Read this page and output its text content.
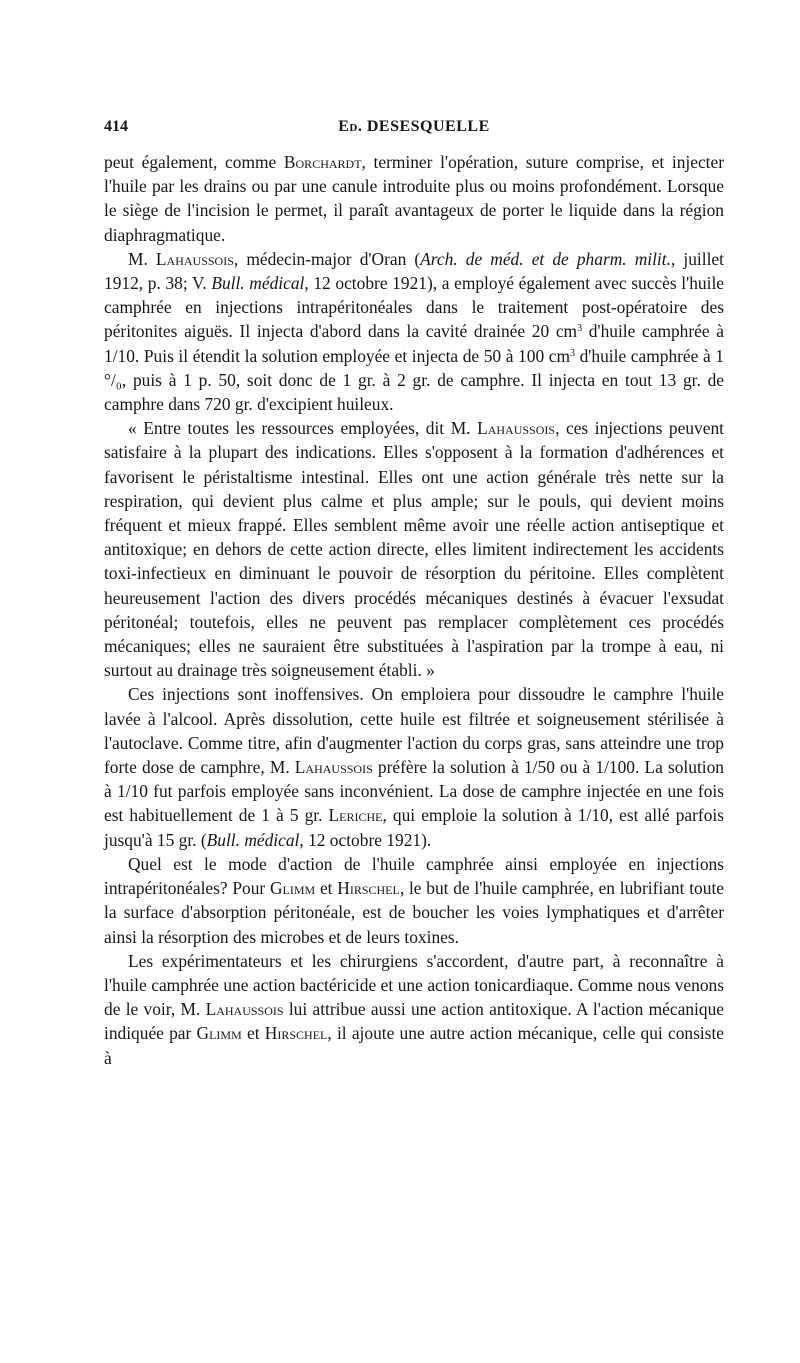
414	Ed. DESESQUELLE

peut également, comme Borchardt, terminer l'opération, suture comprise, et injecter l'huile par les drains ou par une canule introduite plus ou moins profondément. Lorsque le siège de l'incision le permet, il paraît avantageux de porter le liquide dans la région diaphragmatique.

M. Lahaussois, médecin-major d'Oran (Arch. de méd. et de pharm. milit., juillet 1912, p. 38; V. Bull. médical, 12 octobre 1921), a employé également avec succès l'huile camphrée en injections intrapéritonéales dans le traitement post-opératoire des péritonites aiguës. Il injecta d'abord dans la cavité drainée 20 $cm^3$ d'huile camphrée à 1/10. Puis il étendit la solution employée et injecta de 50 à 100 $cm^3$ d'huile camphrée à 1 °/₀, puis à 1 p. 50, soit donc de 1 gr. à 2 gr. de camphre. Il injecta en tout 13 gr. de camphre dans 720 gr. d'excipient huileux.

« Entre toutes les ressources employées, dit M. Lahaussois, ces injections peuvent satisfaire à la plupart des indications. Elles s'opposent à la formation d'adhérences et favorisent le péristaltisme intestinal. Elles ont une action générale très nette sur la respiration, qui devient plus calme et plus ample; sur le pouls, qui devient moins fréquent et mieux frappé. Elles semblent même avoir une réelle action antiseptique et antitoxique; en dehors de cette action directe, elles limitent indirectement les accidents toxi-infectieux en diminuant le pouvoir de résorption du péritoine. Elles complètent heureusement l'action des divers procédés mécaniques destinés à évacuer l'exsudat péritonéal; toutefois, elles ne peuvent pas remplacer complètement ces procédés mécaniques; elles ne sauraient être substituées à l'aspiration par la trompe à eau, ni surtout au drainage très soigneusement établi. »

Ces injections sont inoffensives. On emploiera pour dissoudre le camphre l'huile lavée à l'alcool. Après dissolution, cette huile est filtrée et soigneusement stérilisée à l'autoclave. Comme titre, afin d'augmenter l'action du corps gras, sans atteindre une trop forte dose de camphre, M. Lahaussois préfère la solution à 1/50 ou à 1/100. La solution à 1/10 fut parfois employée sans inconvénient. La dose de camphre injectée en une fois est habituellement de 1 à 5 gr. Leriche, qui emploie la solution à 1/10, est allé parfois jusqu'à 15 gr. (Bull. médical, 12 octobre 1921).

Quel est le mode d'action de l'huile camphrée ainsi employée en injections intrapéritonéales? Pour Glimm et Hirschel, le but de l'huile camphrée, en lubrifiant toute la surface d'absorption péritonéale, est de boucher les voies lymphatiques et d'arrêter ainsi la résorption des microbes et de leurs toxines.

Les expérimentateurs et les chirurgiens s'accordent, d'autre part, à reconnaître à l'huile camphrée une action bactéricide et une action tonicardiaque. Comme nous venons de le voir, M. Lahaussois lui attribue aussi une action antitoxique. A l'action mécanique indiquée par Glimm et Hirschel, il ajoute une autre action mécanique, celle qui consiste à
